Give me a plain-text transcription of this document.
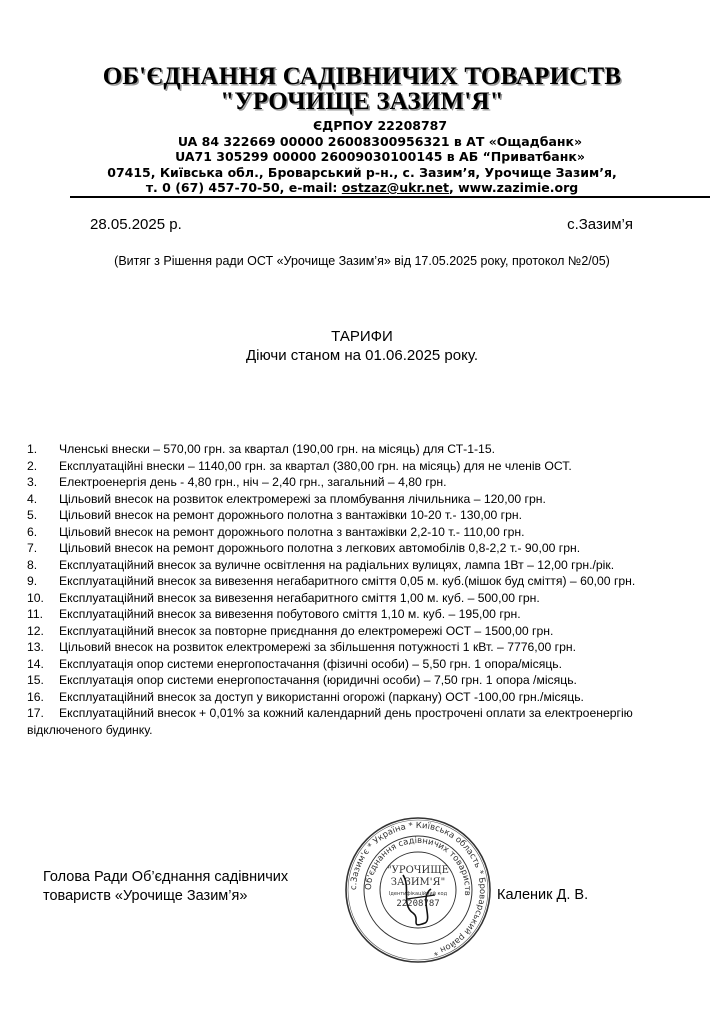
ОБ'ЄДНАННЯ САДІВНИЧИХ ТОВАРИСТВ
"УРОЧИЩЕ ЗАЗИМ'Я"
ЄДРПОУ 22208787
UA 84 322669 00000 26008300956321 в АТ «Ощадбанк»
UA71 305299 00000 26009030100145 в АБ “Приватбанк»
07415, Київська обл., Броварський р-н., с. Зазим’я, Урочище Зазим’я,
т. 0 (67) 457-70-50, e-mail: ostzaz@ukr.net, www.zazimie.org
28.05.2025 р.	с.Зазим’я
(Витяг з Рішення ради ОСТ «Урочище Зазим’я» від 17.05.2025 року, протокол №2/05)
ТАРИФИ
Діючи станом на 01.06.2025 року.
1.	Членські внески – 570,00 грн. за квартал (190,00 грн. на місяць) для СТ-1-15.
2.	Експлуатаційні внески – 1140,00 грн. за квартал (380,00 грн. на місяць) для не членів ОСТ.
3.	Електроенергія день - 4,80 грн., ніч – 2,40 грн., загальний – 4,80 грн.
4.	Цільовий внесок на розвиток електромережі за пломбування лічильника – 120,00 грн.
5.	Цільовий внесок на ремонт дорожнього полотна з вантажівки 10-20 т.- 130,00 грн.
6.	Цільовий внесок на ремонт дорожнього полотна з вантажівки 2,2-10 т.- 110,00 грн.
7.	Цільовий внесок на ремонт дорожнього полотна з легкових автомобілів 0,8-2,2 т.- 90,00 грн.
8.	Експлуатаційний внесок за вуличне освітлення на радіальних вулицях, лампа 1Вт – 12,00 грн./рік.
9.	Експлуатаційний внесок за вивезення негабаритного сміття 0,05 м. куб.(мішок буд сміття) – 60,00 грн.
10.	Експлуатаційний внесок за вивезення негабаритного сміття 1,00 м. куб. – 500,00 грн.
11.	Експлуатаційний внесок за вивезення побутового сміття 1,10 м. куб. – 195,00 грн.
12.	Експлуатаційний внесок за повторне приєднання до електромережі ОСТ – 1500,00 грн.
13.	Цільовий внесок на розвиток електромережі за збільшення потужності 1 кВт. – 7776,00 грн.
14.	Експлуатація опор системи енергопостачання (фізичні особи) – 5,50 грн. 1 опора/місяць.
15.	Експлуатація опор системи енергопостачання (юридичні особи) – 7,50 грн. 1 опора /місяць.
16.	Експлуатаційний внесок за доступ у використанні огорожі (паркану) ОСТ -100,00 грн./місяць.
17.	Експлуатаційний внесок + 0,01% за кожний календарний день прострочені оплати за електроенергію
відключеного будинку.
Голова Ради Об’єднання садівничих
товариств «Урочище Зазим’я»	Каленик Д. В.
с.Зазим'є * Україна * Київська область * Броварський район *
Об'єднання садівничих товариств
"УРОЧИЩЕ
ЗАЗИМ'Я"
Ідентифікаційний код
22208787
